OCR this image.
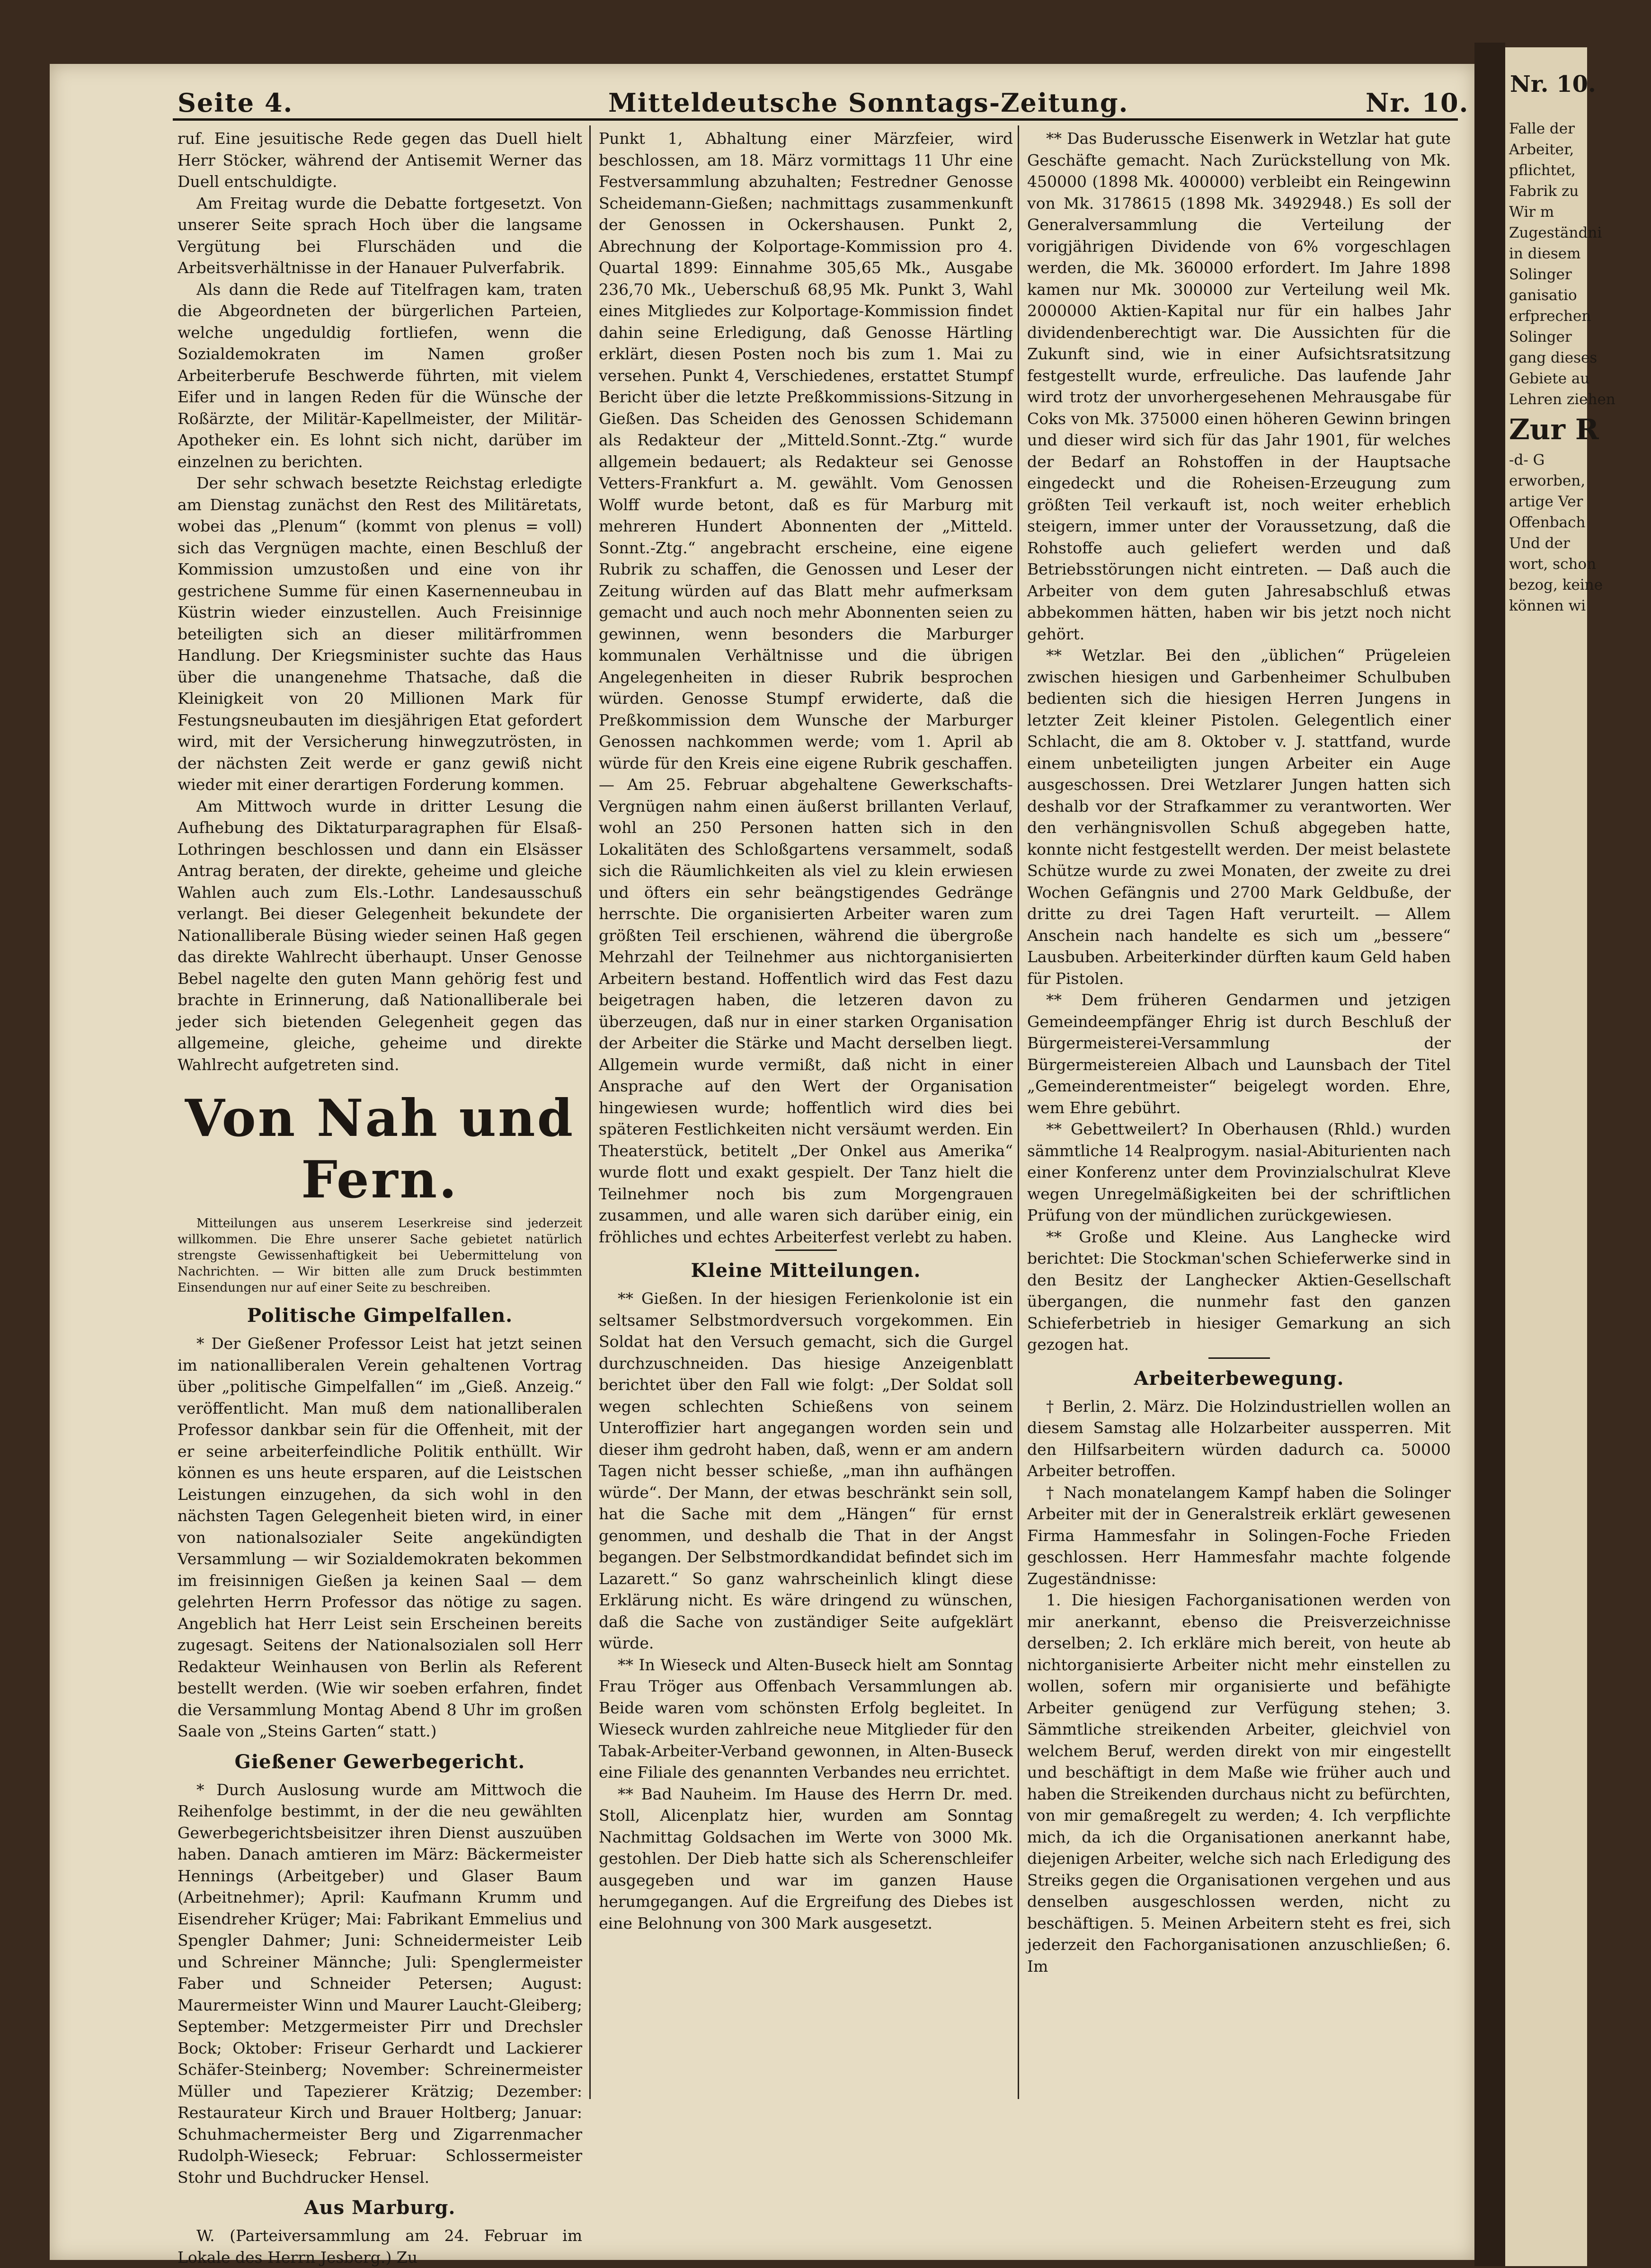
Seite 4.	Mitteldeutsche Sonntags-Zeitung.	Nr. 10.

ruf. Eine jesuitische Rede gegen das Duell hielt Herr Stöcker, während der Antisemit Werner das Duell entschuldigte.

Am Freitag wurde die Debatte fortgesetzt. Von unserer Seite sprach Hoch über die langsame Vergütung bei Flurschäden und die Arbeitsverhältnisse in der Hanauer Pulverfabrik.

Als dann die Rede auf Titelfragen kam, traten die Abgeordneten der bürgerlichen Parteien, welche ungeduldig fortliefen, wenn die Sozialdemokraten im Namen großer Arbeiterberufe Beschwerde führten, mit vielem Eifer und in langen Reden für die Wünsche der Roßärzte, der Militär-Kapellmeister, der Militär-Apotheker ein. Es lohnt sich nicht, darüber im einzelnen zu berichten.

Der sehr schwach besetzte Reichstag erledigte am Dienstag zunächst den Rest des Militäretats, wobei das „Plenum“ (kommt von plenus = voll) sich das Vergnügen machte, einen Beschluß der Kommission umzustoßen und eine von ihr gestrichene Summe für einen Kasernenneubau in Küstrin wieder einzustellen. Auch Freisinnige beteiligten sich an dieser militärfrommen Handlung. Der Kriegsminister suchte das Haus über die unangenehme Thatsache, daß die Kleinigkeit von 20 Millionen Mark für Festungsneubauten im diesjährigen Etat gefordert wird, mit der Versicherung hinwegzutrösten, in der nächsten Zeit werde er ganz gewiß nicht wieder mit einer derartigen Forderung kommen.

Am Mittwoch wurde in dritter Lesung die Aufhebung des Diktaturparagraphen für Elsaß-Lothringen beschlossen und dann ein Elsässer Antrag beraten, der direkte, geheime und gleiche Wahlen auch zum Els.-Lothr. Landesausschuß verlangt. Bei dieser Gelegenheit bekundete der Nationalliberale Büsing wieder seinen Haß gegen das direkte Wahlrecht überhaupt. Unser Genosse Bebel nagelte den guten Mann gehörig fest und brachte in Erinnerung, daß Nationalliberale bei jeder sich bietenden Gelegenheit gegen das allgemeine, gleiche, geheime und direkte Wahlrecht aufgetreten sind.

Von Nah und Fern.

Mitteilungen aus unserem Leserkreise sind jederzeit willkommen. Die Ehre unserer Sache gebietet natürlich strengste Gewissenhaftigkeit bei Uebermittelung von Nachrichten. — Wir bitten alle zum Druck bestimmten Einsendungen nur auf einer Seite zu beschreiben.

Politische Gimpelfallen.

* Der Gießener Professor Leist hat jetzt seinen im nationalliberalen Verein gehaltenen Vortrag über „politische Gimpelfallen“ im „Gieß. Anzeig.“ veröffentlicht. Man muß dem nationalliberalen Professor dankbar sein für die Offenheit, mit der er seine arbeiterfeindliche Politik enthüllt. Wir können es uns heute ersparen, auf die Leistschen Leistungen einzugehen, da sich wohl in den nächsten Tagen Gelegenheit bieten wird, in einer von nationalsozialer Seite angekündigten Versammlung — wir Sozialdemokraten bekommen im freisinnigen Gießen ja keinen Saal — dem gelehrten Herrn Professor das nötige zu sagen. Angeblich hat Herr Leist sein Erscheinen bereits zugesagt. Seitens der Nationalsozialen soll Herr Redakteur Weinhausen von Berlin als Referent bestellt werden. (Wie wir soeben erfahren, findet die Versammlung Montag Abend 8 Uhr im großen Saale von „Steins Garten“ statt.)

Gießener Gewerbegericht.

* Durch Auslosung wurde am Mittwoch die Reihenfolge bestimmt, in der die neu gewählten Gewerbegerichtsbeisitzer ihren Dienst auszuüben haben. Danach amtieren im März: Bäckermeister Hennings (Arbeitgeber) und Glaser Baum (Arbeitnehmer); April: Kaufmann Krumm und Eisendreher Krüger; Mai: Fabrikant Emmelius und Spengler Dahmer; Juni: Schneidermeister Leib und Schreiner Männche; Juli: Spenglermeister Faber und Schneider Petersen; August: Maurermeister Winn und Maurer Laucht-Gleiberg; September: Metzgermeister Pirr und Drechsler Bock; Oktober: Friseur Gerhardt und Lackierer Schäfer-Steinberg; November: Schreinermeister Müller und Tapezierer Krätzig; Dezember: Restaurateur Kirch und Brauer Holtberg; Januar: Schuhmachermeister Berg und Zigarrenmacher Rudolph-Wieseck; Februar: Schlossermeister Stohr und Buchdrucker Hensel.

Aus Marburg.

W. (Parteiversammlung am 24. Februar im Lokale des Herrn Jesberg.) Zu

Punkt 1, Abhaltung einer Märzfeier, wird beschlossen, am 18. März vormittags 11 Uhr eine Festversammlung abzuhalten; Festredner Genosse Scheidemann-Gießen; nachmittags zusammenkunft der Genossen in Ockershausen. Punkt 2, Abrechnung der Kolportage-Kommission pro 4. Quartal 1899: Einnahme 305,65 Mk., Ausgabe 236,70 Mk., Ueberschuß 68,95 Mk. Punkt 3, Wahl eines Mitgliedes zur Kolportage-Kommission findet dahin seine Erledigung, daß Genosse Härtling erklärt, diesen Posten noch bis zum 1. Mai zu versehen. Punkt 4, Verschiedenes, erstattet Stumpf Bericht über die letzte Preßkommissions-Sitzung in Gießen. Das Scheiden des Genossen Schidemann als Redakteur der „Mitteld.Sonnt.-Ztg.“ wurde allgemein bedauert; als Redakteur sei Genosse Vetters-Frankfurt a. M. gewählt. Vom Genossen Wolff wurde betont, daß es für Marburg mit mehreren Hundert Abonnenten der „Mitteld. Sonnt.-Ztg.“ angebracht erscheine, eine eigene Rubrik zu schaffen, die Genossen und Leser der Zeitung würden auf das Blatt mehr aufmerksam gemacht und auch noch mehr Abonnenten seien zu gewinnen, wenn besonders die Marburger kommunalen Verhältnisse und die übrigen Angelegenheiten in dieser Rubrik besprochen würden. Genosse Stumpf erwiderte, daß die Preßkommission dem Wunsche der Marburger Genossen nachkommen werde; vom 1. April ab würde für den Kreis eine eigene Rubrik geschaffen. — Am 25. Februar abgehaltene Gewerkschafts-Vergnügen nahm einen äußerst brillanten Verlauf, wohl an 250 Personen hatten sich in den Lokalitäten des Schloßgartens versammelt, sodaß sich die Räumlichkeiten als viel zu klein erwiesen und öfters ein sehr beängstigendes Gedränge herrschte. Die organisierten Arbeiter waren zum größten Teil erschienen, während die übergroße Mehrzahl der Teilnehmer aus nichtorganisierten Arbeitern bestand. Hoffentlich wird das Fest dazu beigetragen haben, die letzeren davon zu überzeugen, daß nur in einer starken Organisation der Arbeiter die Stärke und Macht derselben liegt. Allgemein wurde vermißt, daß nicht in einer Ansprache auf den Wert der Organisation hingewiesen wurde; hoffentlich wird dies bei späteren Festlichkeiten nicht versäumt werden. Ein Theaterstück, betitelt „Der Onkel aus Amerika“ wurde flott und exakt gespielt. Der Tanz hielt die Teilnehmer noch bis zum Morgengrauen zusammen, und alle waren sich darüber einig, ein fröhliches und echtes Arbeiterfest verlebt zu haben.

Kleine Mitteilungen.

** Gießen. In der hiesigen Ferienkolonie ist ein seltsamer Selbstmordversuch vorgekommen. Ein Soldat hat den Versuch gemacht, sich die Gurgel durchzuschneiden. Das hiesige Anzeigenblatt berichtet über den Fall wie folgt: „Der Soldat soll wegen schlechten Schießens von seinem Unteroffizier hart angegangen worden sein und dieser ihm gedroht haben, daß, wenn er am andern Tagen nicht besser schieße, „man ihn aufhängen würde“. Der Mann, der etwas beschränkt sein soll, hat die Sache mit dem „Hängen“ für ernst genommen, und deshalb die That in der Angst begangen. Der Selbstmordkandidat befindet sich im Lazarett.“ So ganz wahrscheinlich klingt diese Erklärung nicht. Es wäre dringend zu wünschen, daß die Sache von zuständiger Seite aufgeklärt würde.

** In Wieseck und Alten-Buseck hielt am Sonntag Frau Tröger aus Offenbach Versammlungen ab. Beide waren vom schönsten Erfolg begleitet. In Wieseck wurden zahlreiche neue Mitglieder für den Tabak-Arbeiter-Verband gewonnen, in Alten-Buseck eine Filiale des genannten Verbandes neu errichtet.

** Bad Nauheim. Im Hause des Herrn Dr. med. Stoll, Alicenplatz hier, wurden am Sonntag Nachmittag Goldsachen im Werte von 3000 Mk. gestohlen. Der Dieb hatte sich als Scherenschleifer ausgegeben und war im ganzen Hause herumgegangen. Auf die Ergreifung des Diebes ist eine Belohnung von 300 Mark ausgesetzt.

** Das Buderussche Eisenwerk in Wetzlar hat gute Geschäfte gemacht. Nach Zurückstellung von Mk. 450000 (1898 Mk. 400000) verbleibt ein Reingewinn von Mk. 3178615 (1898 Mk. 3492948.) Es soll der Generalversammlung die Verteilung der vorigjährigen Dividende von 6% vorgeschlagen werden, die Mk. 360000 erfordert. Im Jahre 1898 kamen nur Mk. 300000 zur Verteilung weil Mk. 2000000 Aktien-Kapital nur für ein halbes Jahr dividendenberechtigt war. Die Aussichten für die Zukunft sind, wie in einer Aufsichtsratsitzung festgestellt wurde, erfreuliche. Das laufende Jahr wird trotz der unvorhergesehenen Mehrausgabe für Coks von Mk. 375000 einen höheren Gewinn bringen und dieser wird sich für das Jahr 1901, für welches der Bedarf an Rohstoffen in der Hauptsache eingedeckt und die Roheisen-Erzeugung zum größten Teil verkauft ist, noch weiter erheblich steigern, immer unter der Voraussetzung, daß die Rohstoffe auch geliefert werden und daß Betriebsstörungen nicht eintreten. — Daß auch die Arbeiter von dem guten Jahresabschluß etwas abbekommen hätten, haben wir bis jetzt noch nicht gehört.

** Wetzlar. Bei den „üblichen“ Prügeleien zwischen hiesigen und Garbenheimer Schulbuben bedienten sich die hiesigen Herren Jungens in letzter Zeit kleiner Pistolen. Gelegentlich einer Schlacht, die am 8. Oktober v. J. stattfand, wurde einem unbeteiligten jungen Arbeiter ein Auge ausgeschossen. Drei Wetzlarer Jungen hatten sich deshalb vor der Strafkammer zu verantworten. Wer den verhängnisvollen Schuß abgegeben hatte, konnte nicht festgestellt werden. Der meist belastete Schütze wurde zu zwei Monaten, der zweite zu drei Wochen Gefängnis und 2700 Mark Geldbuße, der dritte zu drei Tagen Haft verurteilt. — Allem Anschein nach handelte es sich um „bessere“ Lausbuben. Arbeiterkinder dürften kaum Geld haben für Pistolen.

** Dem früheren Gendarmen und jetzigen Gemeindeempfänger Ehrig ist durch Beschluß der Bürgermeisterei-Versammlung der Bürgermeistereien Albach und Launsbach der Titel „Gemeinderentmeister“ beigelegt worden. Ehre, wem Ehre gebührt.

** Gebettweilert? In Oberhausen (Rhld.) wurden sämmtliche 14 Realprogym. nasial-Abiturienten nach einer Konferenz unter dem Provinzialschulrat Kleve wegen Unregelmäßigkeiten bei der schriftlichen Prüfung von der mündlichen zurückgewiesen.

** Große und Kleine. Aus Langhecke wird berichtet: Die Stockman'schen Schieferwerke sind in den Besitz der Langhecker Aktien-Gesellschaft übergangen, die nunmehr fast den ganzen Schieferbetrieb in hiesiger Gemarkung an sich gezogen hat.

Arbeiterbewegung.

† Berlin, 2. März. Die Holzindustriellen wollen an diesem Samstag alle Holzarbeiter aussperren. Mit den Hilfsarbeitern würden dadurch ca. 50000 Arbeiter betroffen.

† Nach monatelangem Kampf haben die Solinger Arbeiter mit der in Generalstreik erklärt gewesenen Firma Hammesfahr in Solingen-Foche Frieden geschlossen. Herr Hammesfahr machte folgende Zugeständnisse:

1. Die hiesigen Fachorganisationen werden von mir anerkannt, ebenso die Preisverzeichnisse derselben; 2. Ich erkläre mich bereit, von heute ab nichtorganisierte Arbeiter nicht mehr einstellen zu wollen, sofern mir organisierte und befähigte Arbeiter genügend zur Verfügung stehen; 3. Sämmtliche streikenden Arbeiter, gleichviel von welchem Beruf, werden direkt von mir eingestellt und beschäftigt in dem Maße wie früher auch und haben die Streikenden durchaus nicht zu befürchten, von mir gemaßregelt zu werden; 4. Ich verpflichte mich, da ich die Organisationen anerkannt habe, diejenigen Arbeiter, welche sich nach Erledigung des Streiks gegen die Organisationen vergehen und aus denselben ausgeschlossen werden, nicht zu beschäftigen. 5. Meinen Arbeitern steht es frei, sich jederzeit den Fachorganisationen anzuschließen; 6. Im

Nr. 10.
Falle der
Arbeiter,
pflichtet,
Fabrik zu
Wir m
Zugeständni
in diesem
Solinger
ganisatio
erfprechen
Solinger
gang dieses
Gebiete au
Lehren ziehen
Zur R
-d- G
erworben,
artige Ver
Offenbach
Und der
wort, schon
bezog, keine
können wi
